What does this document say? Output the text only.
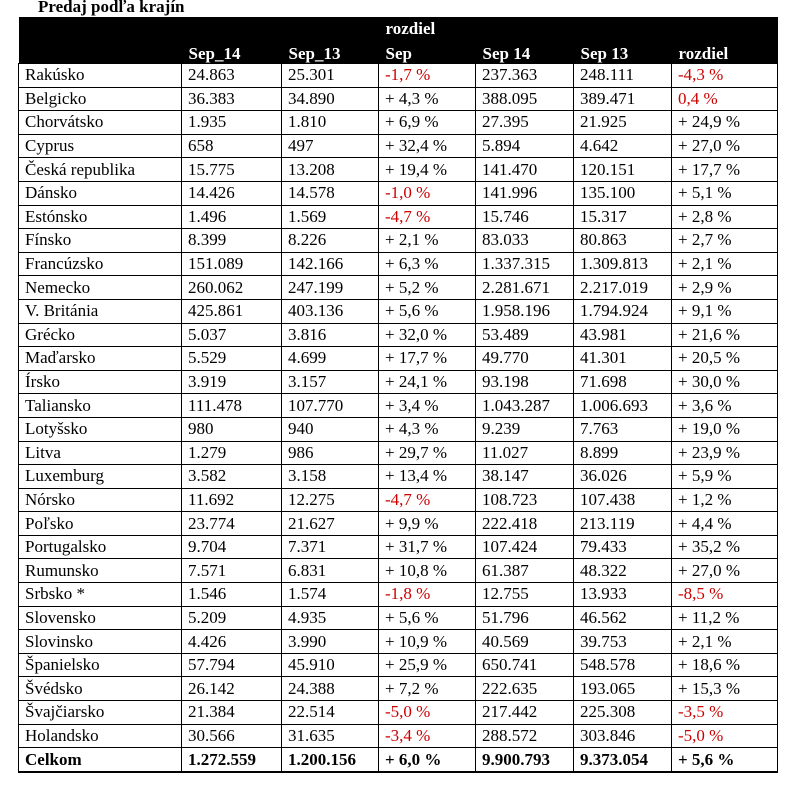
Predaj podľa krajín
			rozdiel			
	Sep_14	Sep_13	Sep	Sep 14	Sep 13	rozdiel
Rakúsko	24.863	25.301	-1,7 %	237.363	248.111	-4,3 %
Belgicko	36.383	34.890	+ 4,3 %	388.095	389.471	0,4 %
Chorvátsko	1.935	1.810	+ 6,9 %	27.395	21.925	+ 24,9 %
Cyprus	658	497	+ 32,4 %	5.894	4.642	+ 27,0 %
Česká republika	15.775	13.208	+ 19,4 %	141.470	120.151	+ 17,7 %
Dánsko	14.426	14.578	-1,0 %	141.996	135.100	+ 5,1 %
Estónsko	1.496	1.569	-4,7 %	15.746	15.317	+ 2,8 %
Fínsko	8.399	8.226	+ 2,1 %	83.033	80.863	+ 2,7 %
Francúzsko	151.089	142.166	+ 6,3 %	1.337.315	1.309.813	+ 2,1 %
Nemecko	260.062	247.199	+ 5,2 %	2.281.671	2.217.019	+ 2,9 %
V. Británia	425.861	403.136	+ 5,6 %	1.958.196	1.794.924	+ 9,1 %
Grécko	5.037	3.816	+ 32,0 %	53.489	43.981	+ 21,6 %
Maďarsko	5.529	4.699	+ 17,7 %	49.770	41.301	+ 20,5 %
Írsko	3.919	3.157	+ 24,1 %	93.198	71.698	+ 30,0 %
Taliansko	111.478	107.770	+ 3,4 %	1.043.287	1.006.693	+ 3,6 %
Lotyšsko	980	940	+ 4,3 %	9.239	7.763	+ 19,0 %
Litva	1.279	986	+ 29,7 %	11.027	8.899	+ 23,9 %
Luxemburg	3.582	3.158	+ 13,4 %	38.147	36.026	+ 5,9 %
Nórsko	11.692	12.275	-4,7 %	108.723	107.438	+ 1,2 %
Poľsko	23.774	21.627	+ 9,9 %	222.418	213.119	+ 4,4 %
Portugalsko	9.704	7.371	+ 31,7 %	107.424	79.433	+ 35,2 %
Rumunsko	7.571	6.831	+ 10,8 %	61.387	48.322	+ 27,0 %
Srbsko *	1.546	1.574	-1,8 %	12.755	13.933	-8,5 %
Slovensko	5.209	4.935	+ 5,6 %	51.796	46.562	+ 11,2 %
Slovinsko	4.426	3.990	+ 10,9 %	40.569	39.753	+ 2,1 %
Španielsko	57.794	45.910	+ 25,9 %	650.741	548.578	+ 18,6 %
Švédsko	26.142	24.388	+ 7,2 %	222.635	193.065	+ 15,3 %
Švajčiarsko	21.384	22.514	-5,0 %	217.442	225.308	-3,5 %
Holandsko	30.566	31.635	-3,4 %	288.572	303.846	-5,0 %
Celkom	1.272.559	1.200.156	+ 6,0 %	9.900.793	9.373.054	+ 5,6 %
